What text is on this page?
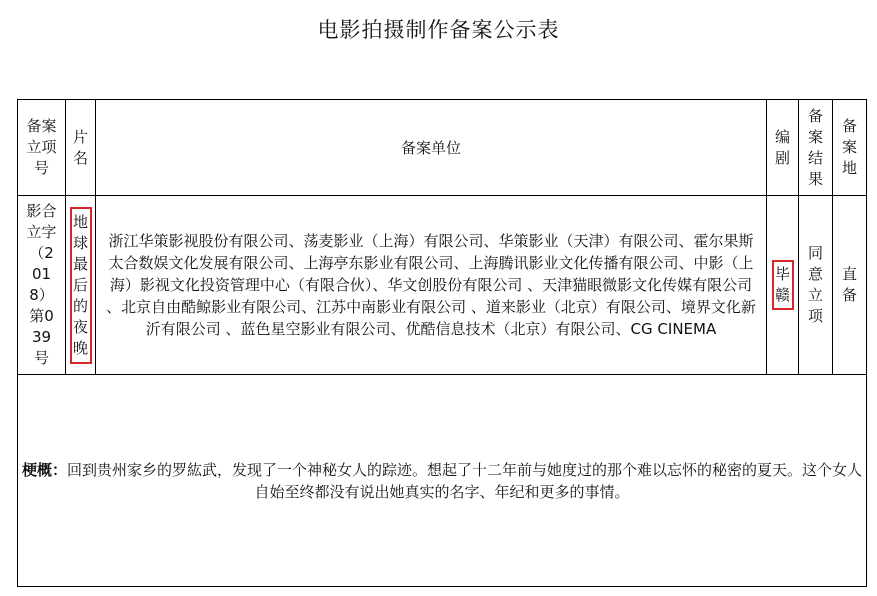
电影拍摄制作备案公示表
备案立项号	片名	备案单位	编剧	备案结果	备案地

影合立字（2018）第039号	地球最后的夜晚	浙江华策影视股份有限公司、荡麦影业（上海）有限公司、华策影业（天津）有限公司、霍尔果斯太合数娱文化发展有限公司、上海亭东影业有限公司、上海腾讯影业文化传播有限公司、中影（上海）影视文化投资管理中心（有限合伙）、华文创股份有限公司 、天津猫眼微影文化传媒有限公司 、北京自由酷鲸影业有限公司、江苏中南影业有限公司 、道来影业（北京）有限公司、境界文化新沂有限公司 、蓝色星空影业有限公司、优酷信息技术（北京）有限公司、CG CINEMA	毕赣	同意立项	直备

梗概：回到贵州家乡的罗紘武，发现了一个神秘女人的踪迹。想起了十二年前与她度过的那个难以忘怀的秘密的夏天。这个女人自始至终都没有说出她真实的名字、年纪和更多的事情。					
